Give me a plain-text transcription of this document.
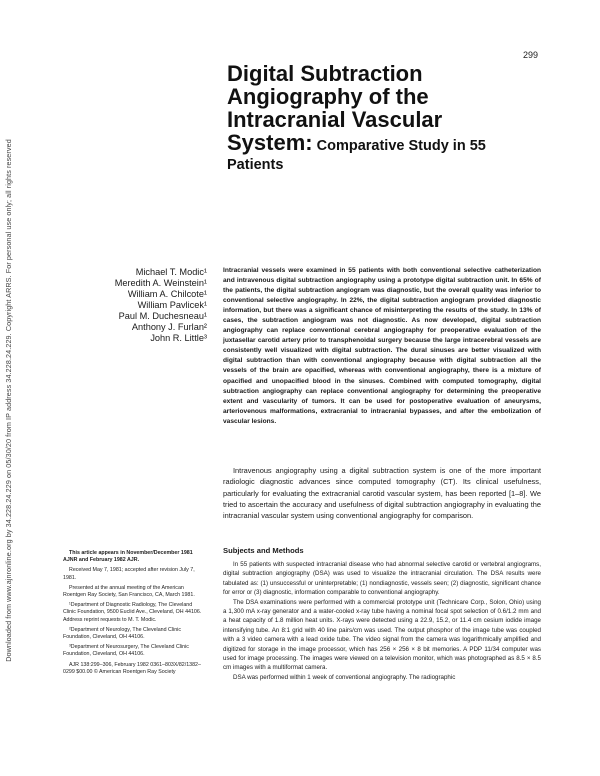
Downloaded from www.ajnronline.org by 34.228.24.229 on 05/30/20 from IP address 34.228.24.229. Copyright ARRS. For personal use only; all rights reserved
299
Digital Subtraction
Angiography of the
Intracranial Vascular
System: Comparative Study in 55
Patients
Michael T. Modic¹
Meredith A. Weinstein¹
William A. Chilcote¹
William Pavlicek¹
Paul M. Duchesneau¹
Anthony J. Furlan²
John R. Little³
Intracranial vessels were examined in 55 patients with both conventional selective catheterization and intravenous digital subtraction angiography using a prototype digital subtraction unit. In 65% of the patients, the digital subtraction angiogram was diagnostic, but the overall quality was inferior to conventional selective angiography. In 22%, the digital subtraction angiogram provided diagnostic information, but there was a significant chance of misinterpreting the results of the study. In 13% of cases, the subtraction angiogram was not diagnostic. As now developed, digital subtraction angiography can replace conventional cerebral angiography for preoperative evaluation of the juxtasellar carotid artery prior to transphenoidal surgery because the large intracerebral vessels are consistently well visualized with digital subtraction. The dural sinuses are better visualized with digital subtraction than with conventional angiography because with digital subtraction all the vessels of the brain are opacified, whereas with conventional angiography, there is a mixture of opacified and unopacified blood in the sinuses. Combined with computed tomography, digital subtraction angiography can replace conventional angiography for determining the preoperative extent and vascularity of tumors. It can be used for postoperative evaluation of aneurysms, arteriovenous malformations, extracranial to intracranial bypasses, and after the embolization of vascular lesions.
Intravenous angiography using a digital subtraction system is one of the more important radiologic diagnostic advances since computed tomography (CT). Its clinical usefulness, particularly for evaluating the extracranial carotid vascular system, has been reported [1–8]. We tried to ascertain the accuracy and usefulness of digital subtraction angiography in evaluating the intracranial vascular system using conventional angiography for comparison.
Subjects and Methods

In 55 patients with suspected intracranial disease who had abnormal selective carotid or vertebral angiograms, digital subtraction angiography (DSA) was used to visualize the intracranial circulation. The DSA results were tabulated as: (1) unsuccessful or uninterpretable; (1) nondiagnostic, vessels seen; (2) diagnostic, significant chance for error or (3) diagnostic, information comparable to conventional angiography.

The DSA examinations were performed with a commercial prototype unit (Technicare Corp., Solon, Ohio) using a 1,300 mA x-ray generator and a water-cooled x-ray tube having a nominal focal spot selection of 0.6/1.2 mm and a heat capacity of 1.8 million heat units. X-rays were detected using a 22.9, 15.2, or 11.4 cm cesium iodide image intensifying tube. An 8:1 grid with 40 line pairs/cm was used. The output phosphor of the image tube was coupled with a 3 video camera with a lead oxide tube. The video signal from the camera was logarithmically amplified and digitized for storage in the image processor, which has 256 × 256 × 8 bit memories. A PDP 11/34 computer was used for image processing. The images were viewed on a television monitor, which was photographed as 8.5 × 8.5 cm images with a multiformat camera.

DSA was performed within 1 week of conventional angiography. The radiographic

This article appears in November/December 1981 AJNR and February 1982 AJR.

Received May 7, 1981; accepted after revision July 7, 1981.

Presented at the annual meeting of the American Roentgen Ray Society, San Francisco, CA, March 1981.

¹Department of Diagnostic Radiology, The Cleveland Clinic Foundation, 9500 Euclid Ave., Cleveland, OH 44106. Address reprint requests to M. T. Modic.

²Department of Neurology, The Cleveland Clinic Foundation, Cleveland, OH 44106.

³Department of Neurosurgery, The Cleveland Clinic Foundation, Cleveland, OH 44106.

AJR 138:299–306, February 1982 0361–803X/82/1382–0299 $00.00 © American Roentgen Ray Society
